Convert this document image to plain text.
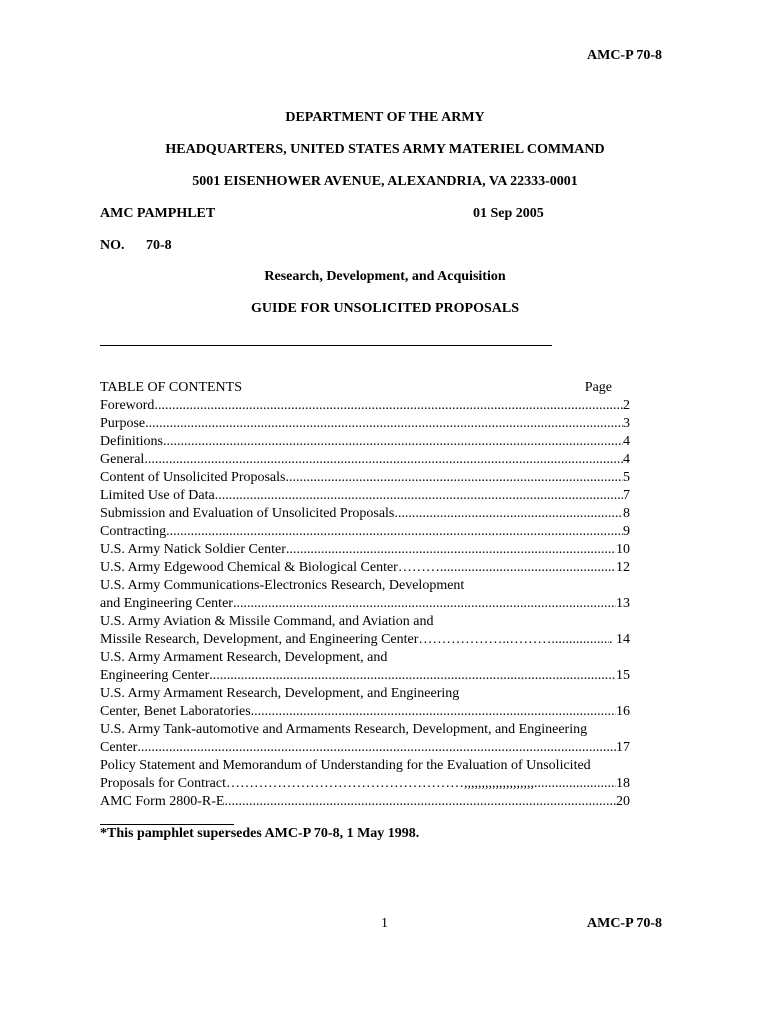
AMC-P 70-8
DEPARTMENT OF THE ARMY
HEADQUARTERS, UNITED STATES ARMY MATERIEL COMMAND
5001 EISENHOWER AVENUE, ALEXANDRIA, VA 22333-0001
AMC PAMPHLET	01 Sep 2005
NO. 70-8
Research, Development, and Acquisition
GUIDE FOR UNSOLICITED PROPOSALS
TABLE OF CONTENTS	Page
Foreword .....	2
Purpose .....	3
Definitions .....	4
General .....	4
Content of Unsolicited Proposals .....	5
Limited Use of Data .....	7
Submission and Evaluation of Unsolicited Proposals .....	8
Contracting .....	9
U.S. Army Natick Soldier Center .....	10
U.S. Army Edgewood Chemical & Biological Center……… .....	12
U.S. Army Communications-Electronics Research, Development
and Engineering Center .....	13
U.S. Army Aviation & Missile Command, and Aviation and
Missile Research, Development, and Engineering Center………………..……… .....	. 14
U.S. Army Armament Research, Development, and
Engineering Center .....	15
U.S. Army Armament Research, Development, and Engineering
Center, Benet Laboratories .....	16
U.S. Army Tank-automotive and Armaments Research, Development, and Engineering
Center .....	17
Policy Statement and Memorandum of Understanding for the Evaluation of Unsolicited
Proposals for Contract……………………………………………,,,,,,,,,,,,,,,,,,,, .....	18
AMC Form 2800-R-E .....	20
*This pamphlet supersedes AMC-P 70-8, 1 May 1998.
1	AMC-P 70-8
